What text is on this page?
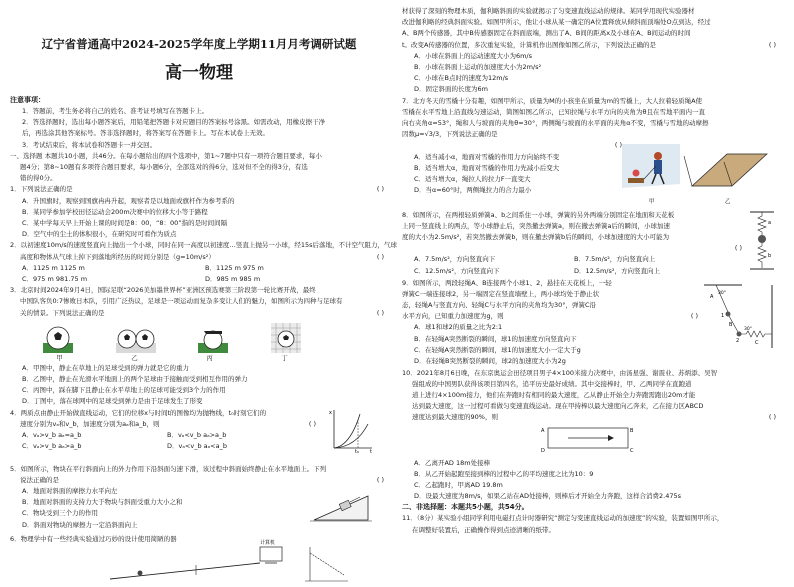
辽宁省普通高中2024-2025学年度上学期11月月考调研试题
高一物理
注意事项：
1．答题前，考生务必将自己的姓名、准考证号填写在答题卡上。
2．答选择题时，选出每小题答案后，用铅笔把答题卡对应题目的答案标号涂黑。如需改动，用橡皮擦干净
后，再选涂其他答案标号。答非选择题时，将答案写在答题卡上。写在本试卷上无效。
3．考试结束后，将本试卷和答题卡一并交回。
一、选择题 本题共10小题，共46分。在每小题给出的四个选项中，第1~7题中只有一项符合题目要求，每小
题4分；第8~10题有多项符合题目要求，每小题6分，全部选对的得6分，选对但不全的得3分，有选
错的得0分。
1．下列说法正确的是	( )
A．升国旗时，观察到国旗冉冉升起，观察者是以地面或旗杆作为参考系的
B．某同学参加学校田径运动会200m决赛中的位移大小等于路程
C．某中学每天早上开始上课的时间是8：00，“8：00”指的是时间间隔
D．空气中的尘土的体积很小，在研究时可看作为质点
2．以初速度10m/s的速度竖直向上抛出一个小球，同时在同一高度以初速度…竖直上抛另一小球，经15s后落地，不计空气阻力，气球
高度和物体从气球上掉下到落地所经历的时间分别是（g=10m/s²）	( )
A．1125 m 1125 m	B．1125 m 975 m
C．975 m 981.75 m	D．985 m 985 m
3．北京时间2024年9月4日，国际足联“2026美加墨世界杯”亚洲区预选赛第三阶段第一轮比赛开战，最终
中国队客负0:7惨败日本队，引用广泛热议，足球是一项运动而复杂多变让人们的魅力，如图所示为四种与足球有
关的情景。下列说法正确的是	( )
甲	乙	丙	丁
A．甲图中，静止在草地上的足球受到的弹力就是它的重力
B．乙图中，静止在光滑水平地面上的两个足球由于接触而受到相互作用的弹力
C．丙图中，踩在脚下且静止在水平草地上的足球可能受到3个力的作用
D．丁图中，落在球网中的足球受到弹力是由于足球发生了形变
4．两质点由静止开始做直线运动，它们的位移x与时间t的图像均为抛物线，t₀时刻它们的
速度分别为vₐ和v_b，加速度分别为aₐ和a_b，则	( )
A．vₐ>v_b aₐ=a_b	B．vₐ<v_b aₐ>a_b
C．vₐ>v_b aₐ>a_b	D．vₐ<v_b aₐ<a_b
x
t
t₀
5．如图所示，物块在平行斜面向上的外力作用下沿斜面匀速下滑，该过程中斜面始终静止在水平地面上。下列
说法正确的是	( )
A．地面对斜面的摩擦力水平向左
B．地面对斜面的支持力大于物块与斜面受重力大小之和
C．物块受到三个力的作用
D．斜面对物块的摩擦力一定沿斜面向上
6．物理学中有一些经典实验通过巧妙的设计使用简陋的器
计算机
材获得了深刻的物理本质，伽利略斜面的实验就揭示了匀变速直线运动的规律。某同学用现代实验器材
改进伽利略的经典斜面实验。如图甲所示，他让小球从某一确定的A位置释放从倾斜面顶端处O点到达，经过
A、B两个传感器，其中B传感器固定在斜面底端，测出了A、B间的距离x及小球在A、B间运动的时间
t。改变A传感器的位置，多次重复实验，计算机作出图像如图乙所示，下列说法正确的是	( )
A．小球在斜面上的运动速度大小为6m/s
B．小球在斜面上运动的加速度大小为2m/s²
C．小球在B点时的速度为12m/s
D．固定斜面的长度为6m
7．北方冬天的雪橇十分有趣，如图甲所示，质量为M的小孩坐在质量为m的雪橇上，大人拉着轻质绳A使
雪橇在水平雪地上沿直线匀速运动，简图如图乙所示，已知拉绳与水平方向的夹角为θ且在雪地平面内一直
向右夹角α=53°，绳和人与坡面的夹角θ=30°，两侧绳与坡面的水平面的夹角α不变，雪橇与雪地的动摩擦
因数μ=√3/3，下列说法正确的是
( )
A．适当减小α，地面对雪橇的作用力方向始终不变
B．适当增大α，地面对雪橇的作用力先减小后变大
C．适当增大α，绳拉人的拉力F一直变大
D．当α=60°时，两侧绳拉力的合力最小
甲	乙
8．如图所示，在两根轻质弹簧a、b之间系住一小球，弹簧的另外两端分别固定在地面和天花板
上同一竖直线上的两点，等小球静止后，突然撤去弹簧a，则在撤去弹簧a后的瞬间，小球加速
度的大小为2.5m/s²，若突然撤去弹簧b，则在撤去弹簧b后的瞬间，小球加速度的大小可能为
( )
A．7.5m/s²，方向竖直向下	B．7.5m/s²，方向竖直向上
C．12.5m/s²，方向竖直向下	D．12.5m/s²，方向竖直向上
a
b
9．如图所示，两段轻绳A、B连接两个小球1、2，悬挂在天花板上，一轻
弹簧C一端连接球2，另一端固定在竖直墙壁上，两小球均处于静止状
态，轻绳A与竖直方向、轻绳C与水平方向的夹角均为30°，弹簧C沿
水平方向，已知重力加速度为g，则	( )
A．球1和球2的质量之比为2:1
B．在轻绳A突然断裂的瞬间，球1的加速度方向竖直向下
C．在轻绳A突然断裂的瞬间，球1的加速度大小一定大于g
D．在轻绳B突然断裂的瞬间，球2的加速度大小为2g
A
B
C
1
2
30°
30°
10．2021年8月6日晚，在东京奥运会田径项目男子4×100米接力决赛中，由汤星强、谢震业、苏炳添、吴智
强组成的中国男队获得该项目第四名，追平历史最好成绩。其中交接棒时，甲、乙两同学在直跑道
道上进行4×100m接力，他们在奔跑时有相同的最大速度，乙从静止开始全力奔跑需跑出20m才能
达到最大速度，这一过程可看做匀变速直线运动。现在甲持棒以最大速度向乙奔来，乙在接力区ABCD
速度达到最大速度的90%，则	( )
A	B
D	C
A．乙离开AD 18m处接棒
B．从乙开始起跑至接到棒的过程中乙的平均速度之比为10：9
C．乙起跑时，甲离AD 19.8m
D．设最大速度为8m/s，如果乙站在AD处接棒，则棒后才开始全力奔跑，这样合消费2.475s
二、非选择题：本题共5小题，共54分。
11．（8分）某实验小组同学利用电磁打点计时器研究“测定匀变速直线运动的加速度”的实验，装置如图甲所示，
在调整好装置后，正确操作得到点迹清晰的纸带。
